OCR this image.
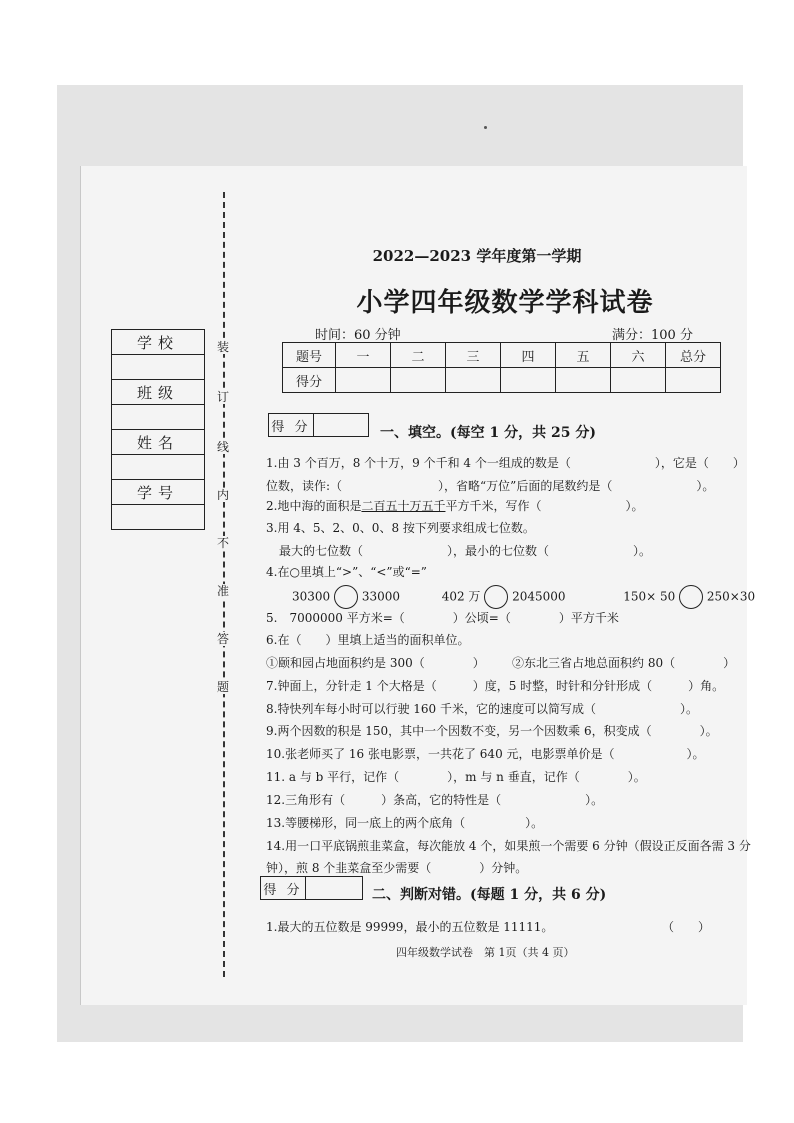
学校

班级

姓名

学号

装
订
线
内
不
准
答
题
2022—2023 学年度第一学期
小学四年级数学学科试卷
时间：60 分钟	满分：100 分
题号	一	二	三	四	五	六	总分
得分							
得 分		一、填空。(每空 1 分，共 25 分)
1.由 3 个百万，8 个十万，9 个千和 4 个一组成的数是（　　　　　　　），它是（　　）
位数，读作:（　　　　　　　　），省略“万位”后面的尾数约是（　　　　　　　）。
2.地中海的面积是二百五十万五千平方千米，写作（　　　　　　　）。
3.用 4、5、2、0、0、8 按下列要求组成七位数。
最大的七位数（　　　　　　　），最小的七位数（　　　　　　　）。
4.在○里填上“>”、“<”或“=”
30300	33000	402 万	2045000	150× 50	250×30
5.　7000000 平方米=（　　　　）公顷=（　　　　）平方千米
6.在（　　）里填上适当的面积单位。
①颐和园占地面积约是 300（　　　　） ②东北三省占地总面积约 80（　　　　）
7.钟面上，分针走 1 个大格是（　　　）度，5 时整，时针和分针形成（　　　）角。
8.特快列车每小时可以行驶 160 千米，它的速度可以简写成（　　　　　　　）。
9.两个因数的积是 150，其中一个因数不变，另一个因数乘 6，积变成（　　　　）。
10.张老师买了 16 张电影票，一共花了 640 元，电影票单价是（　　　　　　）。
11. a 与 b 平行，记作（　　　　），m 与 n 垂直，记作（　　　　）。
12.三角形有（　　　）条高，它的特性是（　　　　　　　）。
13.等腰梯形，同一底上的两个底角（　　　　　）。
14.用一口平底锅煎韭菜盒，每次能放 4 个，如果煎一个需要 6 分钟（假设正反面各需 3 分
钟），煎 8 个韭菜盒至少需要（　　　　）分钟。
得 分		二、判断对错。(每题 1 分，共 6 分)
1.最大的五位数是 99999，最小的五位数是 11111。	（　　）
四年级数学试卷　第 1页（共 4 页）
